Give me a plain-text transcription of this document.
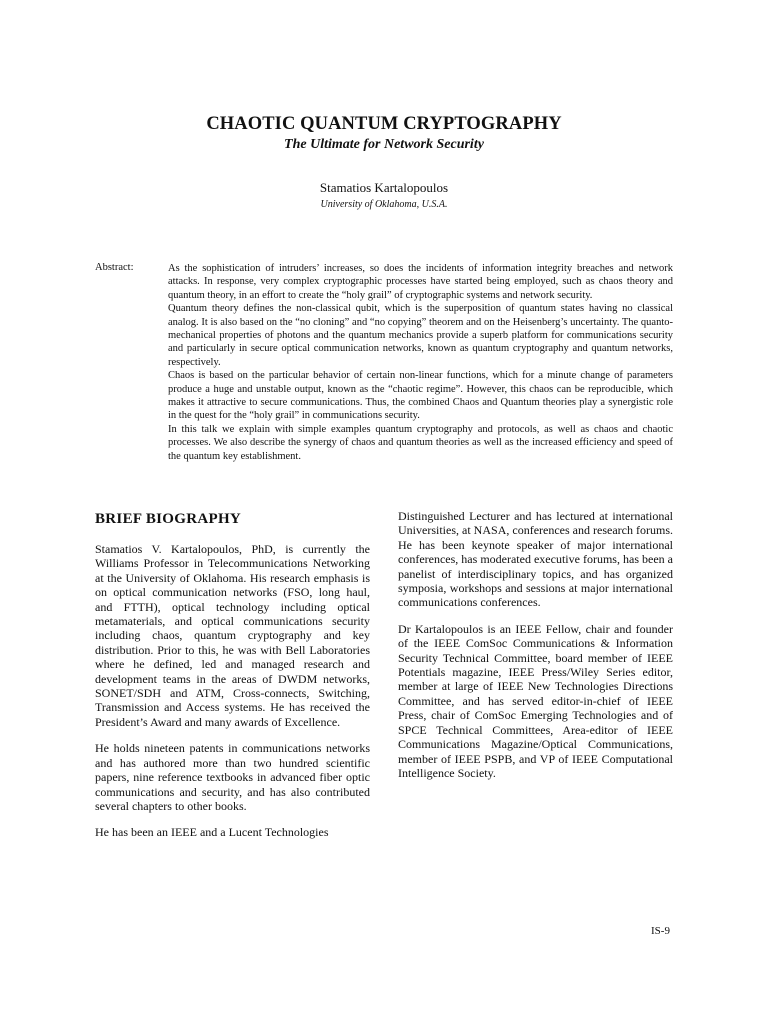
CHAOTIC QUANTUM CRYPTOGRAPHY
The Ultimate for Network Security
Stamatios Kartalopoulos
University of Oklahoma, U.S.A.
Abstract:	As the sophistication of intruders’ increases, so does the incidents of information integrity breaches and network attacks. In response, very complex cryptographic processes have started being employed, such as chaos theory and quantum theory, in an effort to create the “holy grail” of cryptographic systems and network security.

Quantum theory defines the non-classical qubit, which is the superposition of quantum states having no classical analog. It is also based on the “no cloning” and “no copying” theorem and on the Heisenberg’s uncertainty. The quanto-mechanical properties of photons and the quantum mechanics provide a superb platform for communications security and particularly in secure optical communication networks, known as quantum cryptography and quantum networks, respectively.

Chaos is based on the particular behavior of certain non-linear functions, which for a minute change of parameters produce a huge and unstable output, known as the “chaotic regime”. However, this chaos can be reproducible, which makes it attractive to secure communications. Thus, the combined Chaos and Quantum theories play a synergistic role in the quest for the “holy grail” in communications security.

In this talk we explain with simple examples quantum cryptography and protocols, as well as chaos and chaotic processes. We also describe the synergy of chaos and quantum theories as well as the increased efficiency and speed of the quantum key establishment.

BRIEF BIOGRAPHY

Stamatios V. Kartalopoulos, PhD, is currently the Williams Professor in Telecommunications Networking at the University of Oklahoma. His research emphasis is on optical communication networks (FSO, long haul, and FTTH), optical technology including optical metamaterials, and optical communications security including chaos, quantum cryptography and key distribution. Prior to this, he was with Bell Laboratories where he defined, led and managed research and development teams in the areas of DWDM networks, SONET/SDH and ATM, Cross-connects, Switching, Transmission and Access systems. He has received the President’s Award and many awards of Excellence.

He holds nineteen patents in communications networks and has authored more than two hundred scientific papers, nine reference textbooks in advanced fiber optic communications and security, and has also contributed several chapters to other books.

He has been an IEEE and a Lucent Technologies

Distinguished Lecturer and has lectured at international Universities, at NASA, conferences and research forums. He has been keynote speaker of major international conferences, has moderated executive forums, has been a panelist of interdisciplinary topics, and has organized symposia, workshops and sessions at major international communications conferences.

Dr Kartalopoulos is an IEEE Fellow, chair and founder of the IEEE ComSoc Communications & Information Security Technical Committee, board member of IEEE Potentials magazine, IEEE Press/Wiley Series editor, member at large of IEEE New Technologies Directions Committee, and has served editor-in-chief of IEEE Press, chair of ComSoc Emerging Technologies and of SPCE Technical Committees, Area-editor of IEEE Communications Magazine/Optical Communications, member of IEEE PSPB, and VP of IEEE Computational Intelligence Society.

IS-9
